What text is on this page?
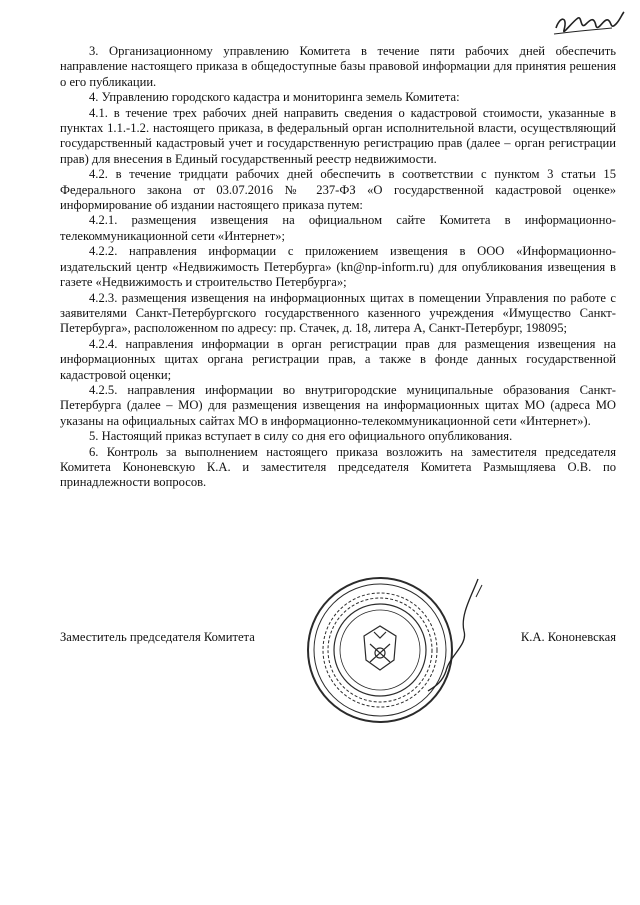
3. Организационному управлению Комитета в течение пяти рабочих дней обеспечить направление настоящего приказа в общедоступные базы правовой информации для принятия решения о его публикации.

4. Управлению городского кадастра и мониторинга земель Комитета:

4.1. в течение трех рабочих дней направить сведения о кадастровой стоимости, указанные в пунктах 1.1.-1.2. настоящего приказа, в федеральный орган исполнительной власти, осуществляющий государственный кадастровый учет и государственную регистрацию прав (далее – орган регистрации прав) для внесения в Единый государственный реестр недвижимости.

4.2. в течение тридцати рабочих дней обеспечить в соответствии с пунктом 3 статьи 15 Федерального закона от 03.07.2016 № 237-ФЗ «О государственной кадастровой оценке» информирование об издании настоящего приказа путем:

4.2.1. размещения извещения на официальном сайте Комитета в информационно-телекоммуникационной сети «Интернет»;

4.2.2. направления информации с приложением извещения в ООО «Информационно-издательский центр «Недвижимость Петербурга» (kn@np-inform.ru) для опубликования извещения в газете «Недвижимость и строительство Петербурга»;

4.2.3. размещения извещения на информационных щитах в помещении Управления по работе с заявителями Санкт-Петербургского государственного казенного учреждения «Имущество Санкт-Петербурга», расположенном по адресу: пр. Стачек, д. 18, литера А, Санкт-Петербург, 198095;

4.2.4. направления информации в орган регистрации прав для размещения извещения на информационных щитах органа регистрации прав, а также в фонде данных государственной кадастровой оценки;

4.2.5. направления информации во внутригородские муниципальные образования Санкт-Петербурга (далее – МО) для размещения извещения на информационных щитах МО (адреса МО указаны на официальных сайтах МО в информационно-телекоммуникационной сети «Интернет»).

5. Настоящий приказ вступает в силу со дня его официального опубликования.

6. Контроль за выполнением настоящего приказа возложить на заместителя председателя Комитета Кононевскую К.А. и заместителя председателя Комитета Размыщляева О.В. по принадлежности вопросов.

Заместитель председателя Комитета	К.А. Кононевская
